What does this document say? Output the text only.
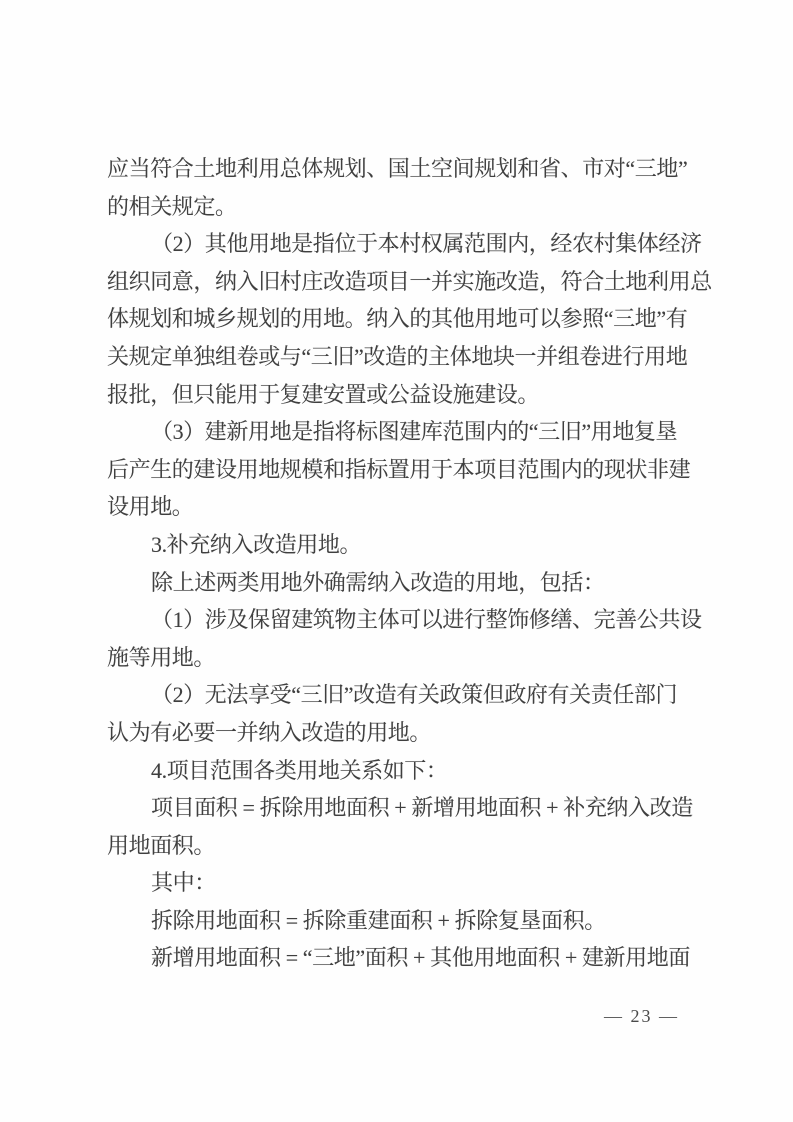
应当符合土地利用总体规划、国土空间规划和省、市对“三地”

的相关规定。

（2）其他用地是指位于本村权属范围内，经农村集体经济

组织同意，纳入旧村庄改造项目一并实施改造，符合土地利用总

体规划和城乡规划的用地。纳入的其他用地可以参照“三地”有

关规定单独组卷或与“三旧”改造的主体地块一并组卷进行用地

报批，但只能用于复建安置或公益设施建设。

（3）建新用地是指将标图建库范围内的“三旧”用地复垦

后产生的建设用地规模和指标置用于本项目范围内的现状非建

设用地。

3.补充纳入改造用地。

除上述两类用地外确需纳入改造的用地，包括：

（1）涉及保留建筑物主体可以进行整饰修缮、完善公共设

施等用地。

（2）无法享受“三旧”改造有关政策但政府有关责任部门

认为有必要一并纳入改造的用地。

4.项目范围各类用地关系如下：

项目面积 = 拆除用地面积 + 新增用地面积 + 补充纳入改造

用地面积。

其中：

拆除用地面积 = 拆除重建面积 + 拆除复垦面积。

新增用地面积 = “三地”面积 + 其他用地面积 + 建新用地面

— 23 —
